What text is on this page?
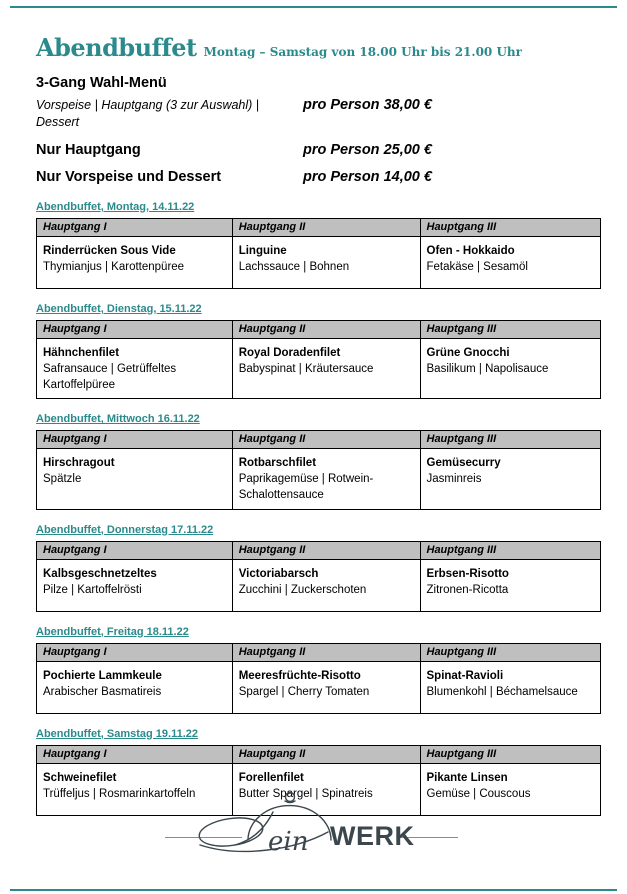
Abendbuffet Montag – Samstag von 18.00 Uhr bis 21.00 Uhr
3-Gang Wahl-Menü
Vorspeise | Hauptgang (3 zur Auswahl) | Dessert
pro Person 38,00 €
Nur Hauptgang	pro Person 25,00 €
Nur Vorspeise und Dessert	pro Person 14,00 €
Abendbuffet, Montag, 14.11.22
Hauptgang I	Hauptgang II	Hauptgang III

Rinderrücken Sous Vide
Thymianjus | Karottenpüree

Linguine
Lachssauce | Bohnen

Ofen - Hokkaido
Fetakäse | Sesamöl
Abendbuffet, Dienstag, 15.11.22
Hauptgang I	Hauptgang II	Hauptgang III

Hähnchenfilet
Safransauce | Getrüffeltes Kartoffelpüree

Royal Doradenfilet
Babyspinat | Kräutersauce

Grüne Gnocchi
Basilikum | Napolisauce
Abendbuffet, Mittwoch 16.11.22
Hauptgang I	Hauptgang II	Hauptgang III

Hirschragout
Spätzle

Rotbarschfilet
Paprikagemüse | Rotwein-Schalottensauce

Gemüsecurry
Jasminreis
Abendbuffet, Donnerstag 17.11.22
Hauptgang I	Hauptgang II	Hauptgang III

Kalbsgeschnetzeltes
Pilze | Kartoffelrösti

Victoriabarsch
Zucchini | Zuckerschoten

Erbsen-Risotto
Zitronen-Ricotta
Abendbuffet, Freitag 18.11.22
Hauptgang I	Hauptgang II	Hauptgang III

Pochierte Lammkeule
Arabischer Basmatireis

Meeresfrüchte-Risotto
Spargel | Cherry Tomaten

Spinat-Ravioli
Blumenkohl | Béchamelsauce
Abendbuffet, Samstag 19.11.22
Hauptgang I	Hauptgang II	Hauptgang III

Schweinefilet
Trüffeljus | Rosmarinkartoffeln

Forellenfilet
Butter Spargel | Spinatreis

Pikante Linsen
Gemüse | Couscous
ein WERK
